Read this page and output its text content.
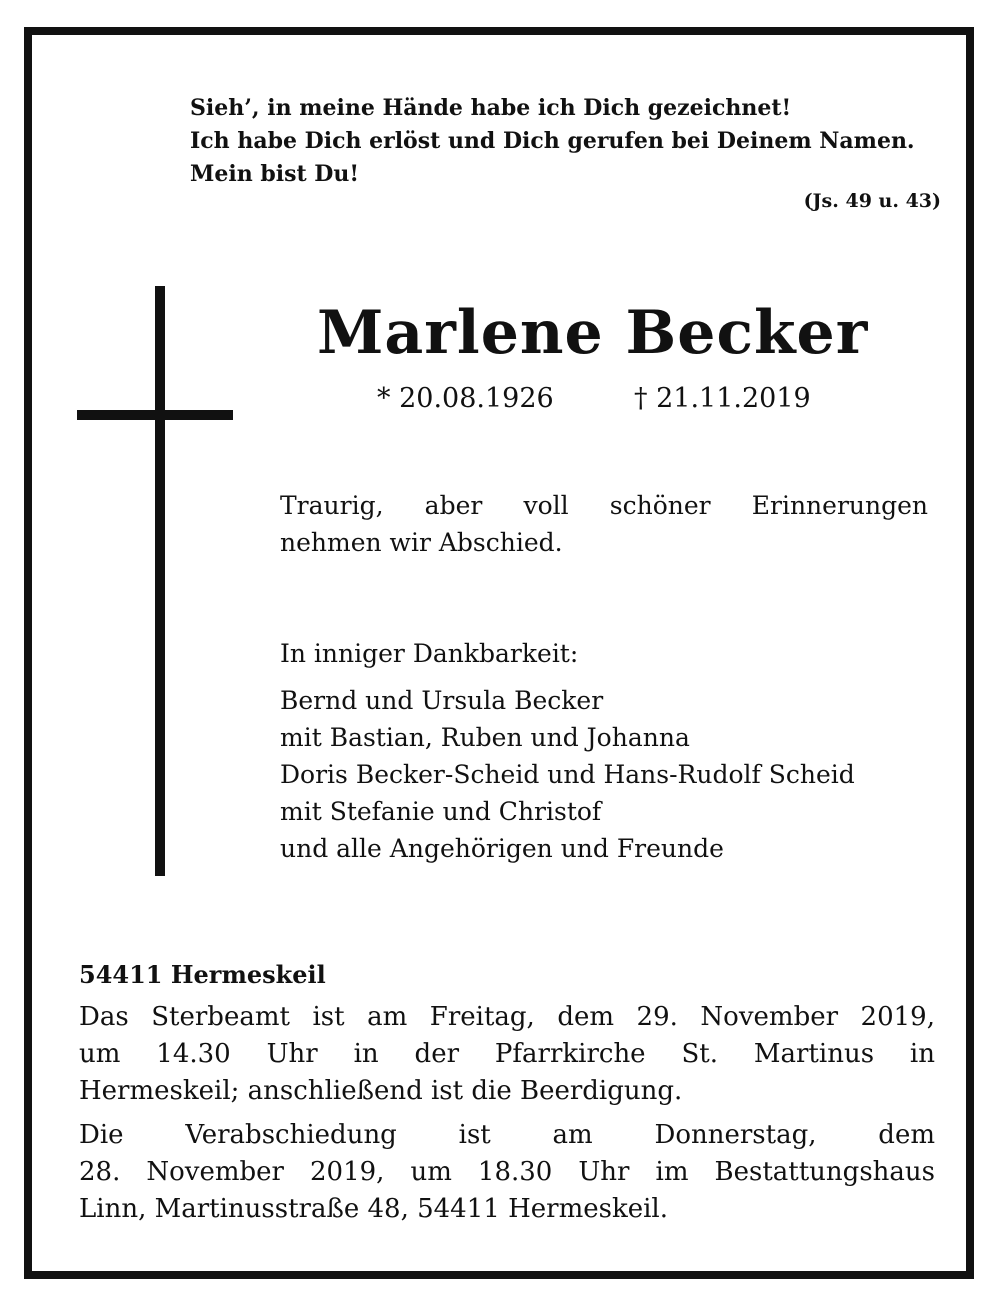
Sieh’, in meine Hände habe ich Dich gezeichnet!
Ich habe Dich erlöst und Dich gerufen bei Deinem Namen.
Mein bist Du!
(Js. 49 u. 43)
Marlene Becker
* 20.08.1926	† 21.11.2019
Traurig, aber voll schöner Erinnerungen
nehmen wir Abschied.
In inniger Dankbarkeit:
Bernd und Ursula Becker
mit Bastian, Ruben und Johanna
Doris Becker-Scheid und Hans-Rudolf Scheid
mit Stefanie und Christof
und alle Angehörigen und Freunde
54411 Hermeskeil
Das Sterbeamt ist am Freitag, dem 29. November 2019,
um 14.30 Uhr in der Pfarrkirche St. Martinus in
Hermeskeil; anschließend ist die Beerdigung.
Die Verabschiedung ist am Donnerstag, dem
28. November 2019, um 18.30 Uhr im Bestattungshaus
Linn, Martinusstraße 48, 54411 Hermeskeil.
